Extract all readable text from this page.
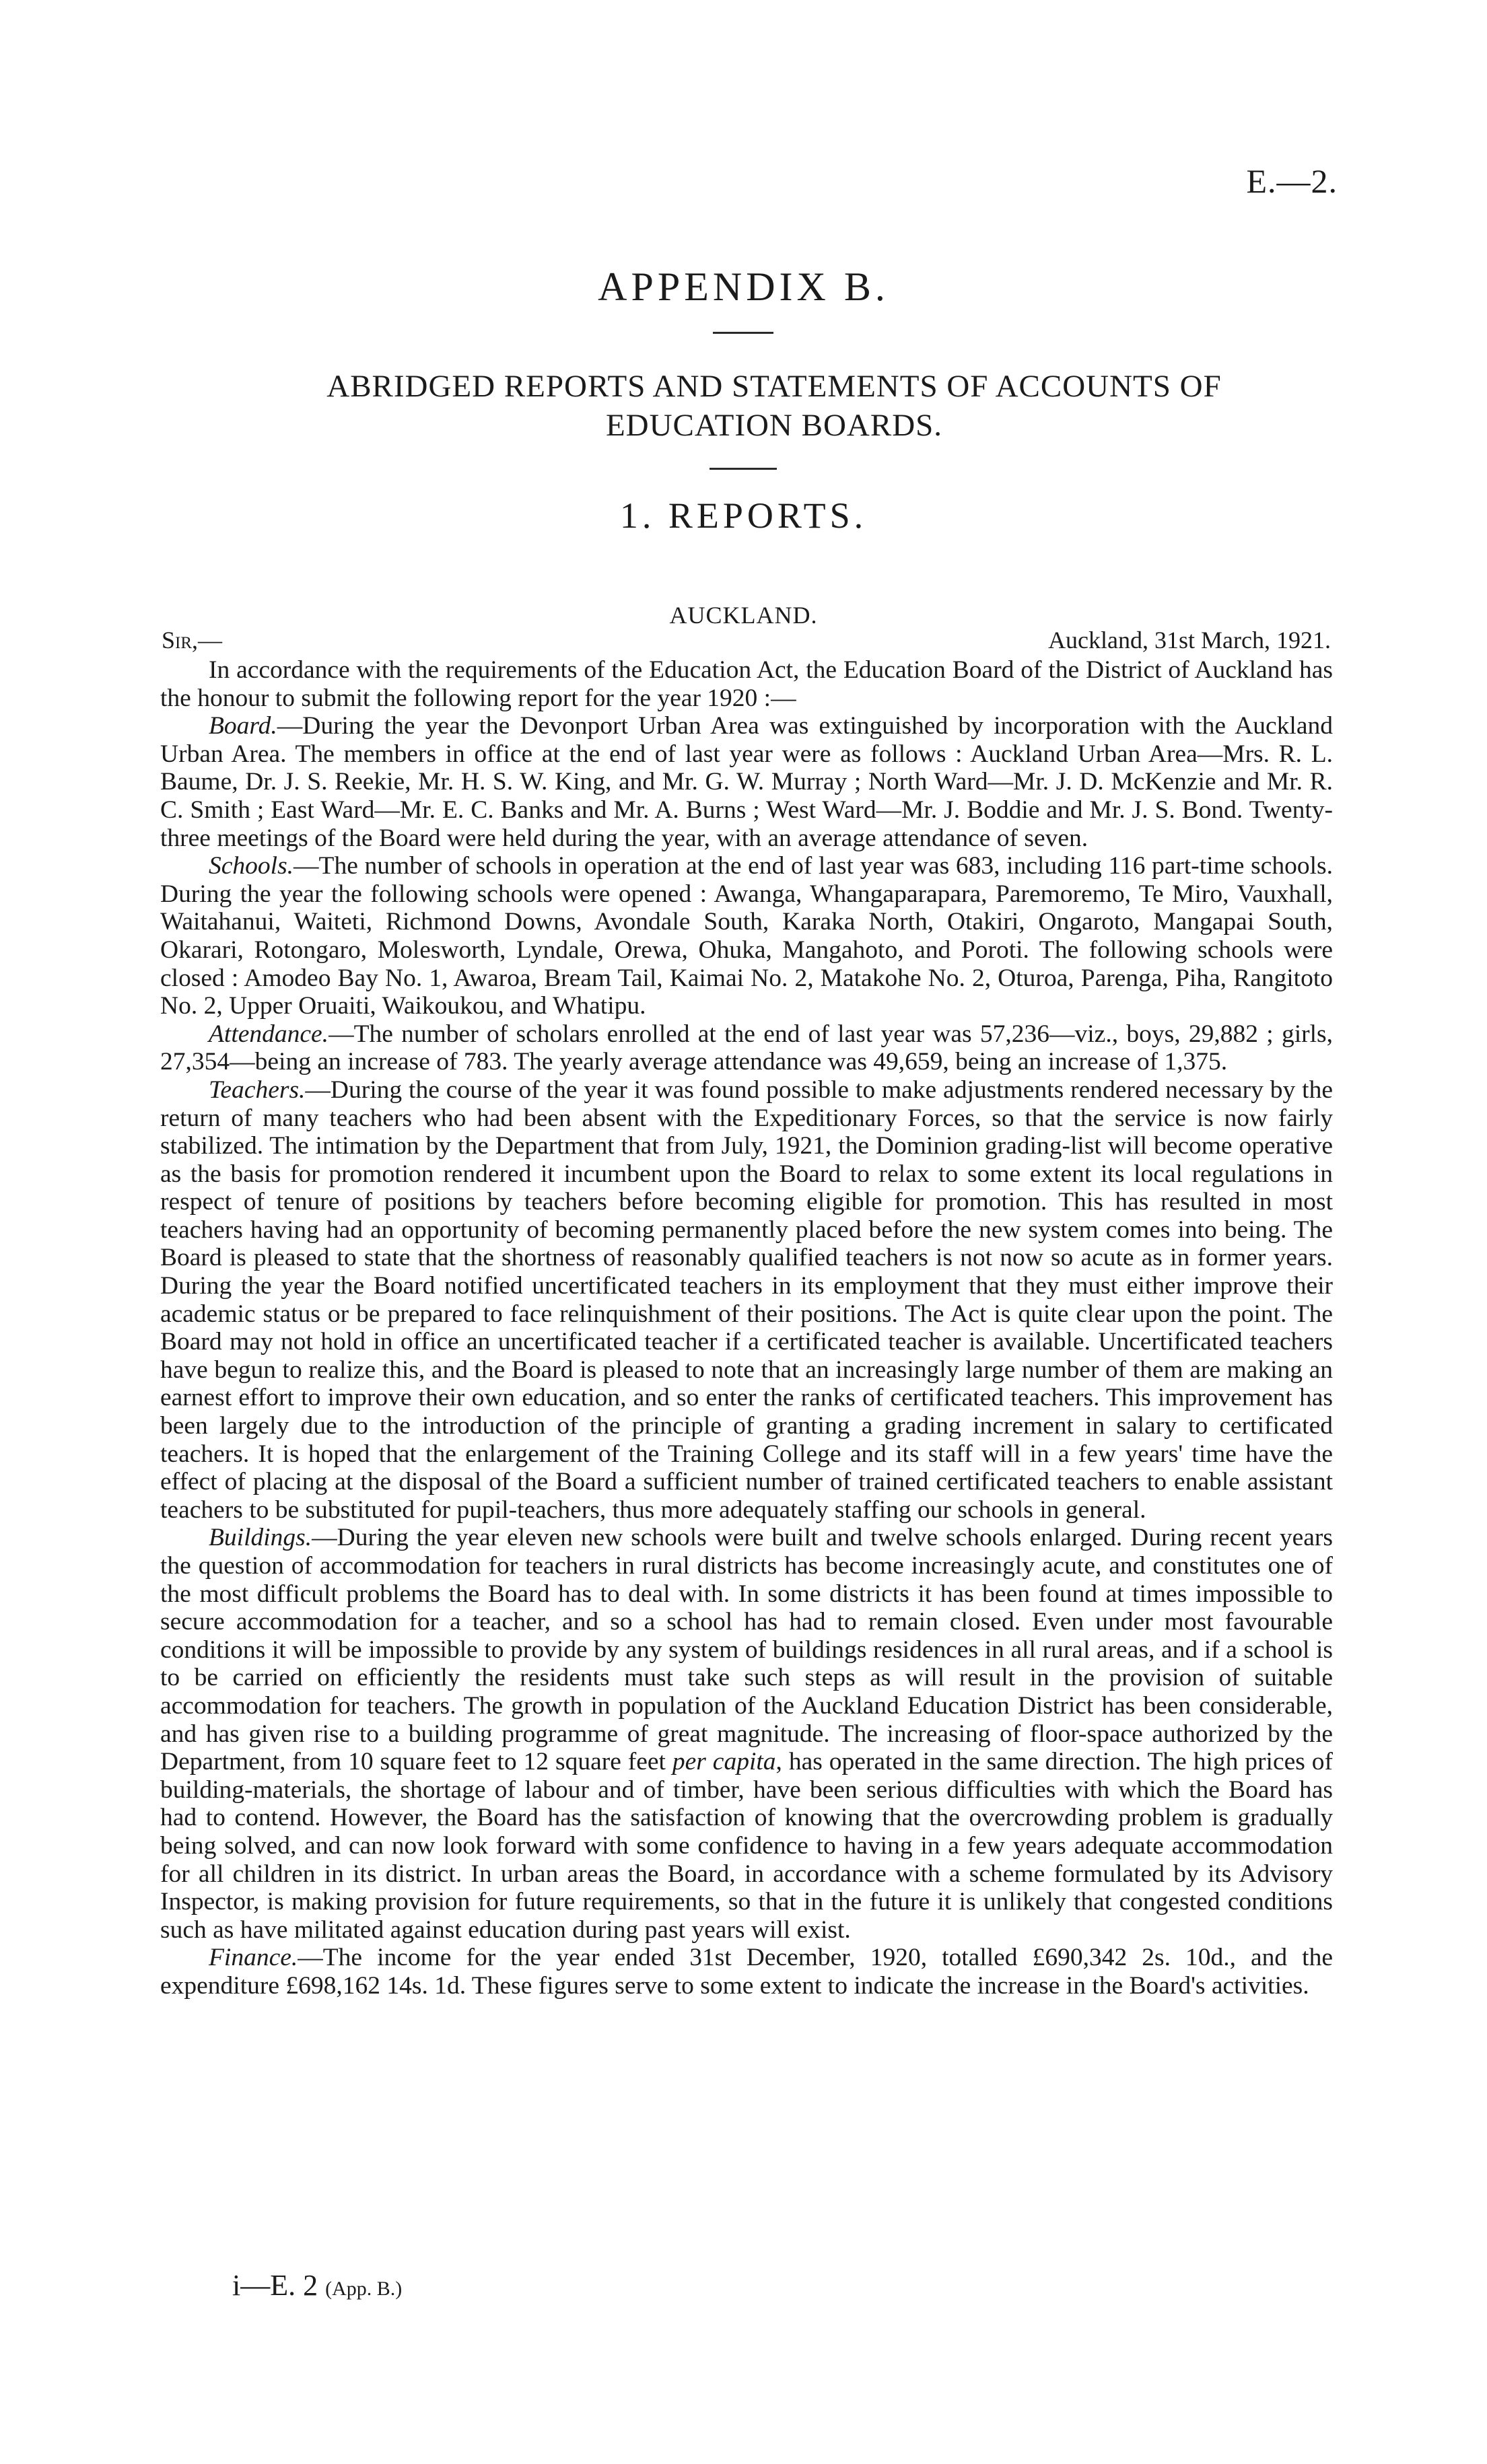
E.—2.
APPENDIX B.
ABRIDGED REPORTS AND STATEMENTS OF ACCOUNTS OF
EDUCATION BOARDS.
1. REPORTS.
AUCKLAND.
Sir,—	Auckland, 31st March, 1921.

In accordance with the requirements of the Education Act, the Education Board of the District of Auckland has the honour to submit the following report for the year 1920 :—

Board.—During the year the Devonport Urban Area was extinguished by incorporation with the Auckland Urban Area. The members in office at the end of last year were as follows : Auckland Urban Area—Mrs. R. L. Baume, Dr. J. S. Reekie, Mr. H. S. W. King, and Mr. G. W. Murray ; North Ward—Mr. J. D. McKenzie and Mr. R. C. Smith ; East Ward—Mr. E. C. Banks and Mr. A. Burns ; West Ward—Mr. J. Boddie and Mr. J. S. Bond. Twenty-three meetings of the Board were held during the year, with an average attendance of seven.

Schools.—The number of schools in operation at the end of last year was 683, including 116 part-time schools. During the year the following schools were opened : Awanga, Whangaparapara, Paremoremo, Te Miro, Vauxhall, Waitahanui, Waiteti, Richmond Downs, Avondale South, Karaka North, Otakiri, Ongaroto, Mangapai South, Okarari, Rotongaro, Molesworth, Lyndale, Orewa, Ohuka, Mangahoto, and Poroti. The following schools were closed : Amodeo Bay No. 1, Awaroa, Bream Tail, Kaimai No. 2, Matakohe No. 2, Oturoa, Parenga, Piha, Rangitoto No. 2, Upper Oruaiti, Waikoukou, and Whatipu.

Attendance.—The number of scholars enrolled at the end of last year was 57,236—viz., boys, 29,882 ; girls, 27,354—being an increase of 783. The yearly average attendance was 49,659, being an increase of 1,375.

Teachers.—During the course of the year it was found possible to make adjustments rendered necessary by the return of many teachers who had been absent with the Expeditionary Forces, so that the service is now fairly stabilized. The intimation by the Department that from July, 1921, the Dominion grading-list will become operative as the basis for promotion rendered it incumbent upon the Board to relax to some extent its local regulations in respect of tenure of positions by teachers before becoming eligible for promotion. This has resulted in most teachers having had an opportunity of becoming permanently placed before the new system comes into being. The Board is pleased to state that the shortness of reasonably qualified teachers is not now so acute as in former years. During the year the Board notified uncertificated teachers in its employment that they must either improve their academic status or be prepared to face relinquishment of their positions. The Act is quite clear upon the point. The Board may not hold in office an uncertificated teacher if a certificated teacher is available. Uncertificated teachers have begun to realize this, and the Board is pleased to note that an increasingly large number of them are making an earnest effort to improve their own education, and so enter the ranks of certificated teachers. This improvement has been largely due to the introduction of the principle of granting a grading increment in salary to certificated teachers. It is hoped that the enlargement of the Training College and its staff will in a few years' time have the effect of placing at the disposal of the Board a sufficient number of trained certificated teachers to enable assistant teachers to be substituted for pupil-teachers, thus more adequately staffing our schools in general.

Buildings.—During the year eleven new schools were built and twelve schools enlarged. During recent years the question of accommodation for teachers in rural districts has become increasingly acute, and constitutes one of the most difficult problems the Board has to deal with. In some districts it has been found at times impossible to secure accommodation for a teacher, and so a school has had to remain closed. Even under most favourable conditions it will be impossible to provide by any system of buildings residences in all rural areas, and if a school is to be carried on efficiently the residents must take such steps as will result in the provision of suitable accommodation for teachers. The growth in population of the Auckland Education District has been considerable, and has given rise to a building programme of great magnitude. The increasing of floor-space authorized by the Department, from 10 square feet to 12 square feet per capita, has operated in the same direction. The high prices of building-materials, the shortage of labour and of timber, have been serious difficulties with which the Board has had to contend. However, the Board has the satisfaction of knowing that the overcrowding problem is gradually being solved, and can now look forward with some confidence to having in a few years adequate accommodation for all children in its district. In urban areas the Board, in accordance with a scheme formulated by its Advisory Inspector, is making provision for future requirements, so that in the future it is unlikely that congested conditions such as have militated against education during past years will exist.

Finance.—The income for the year ended 31st December, 1920, totalled £690,342 2s. 10d., and the expenditure £698,162 14s. 1d. These figures serve to some extent to indicate the increase in the Board's activities.

i—E. 2 (App. B.)
